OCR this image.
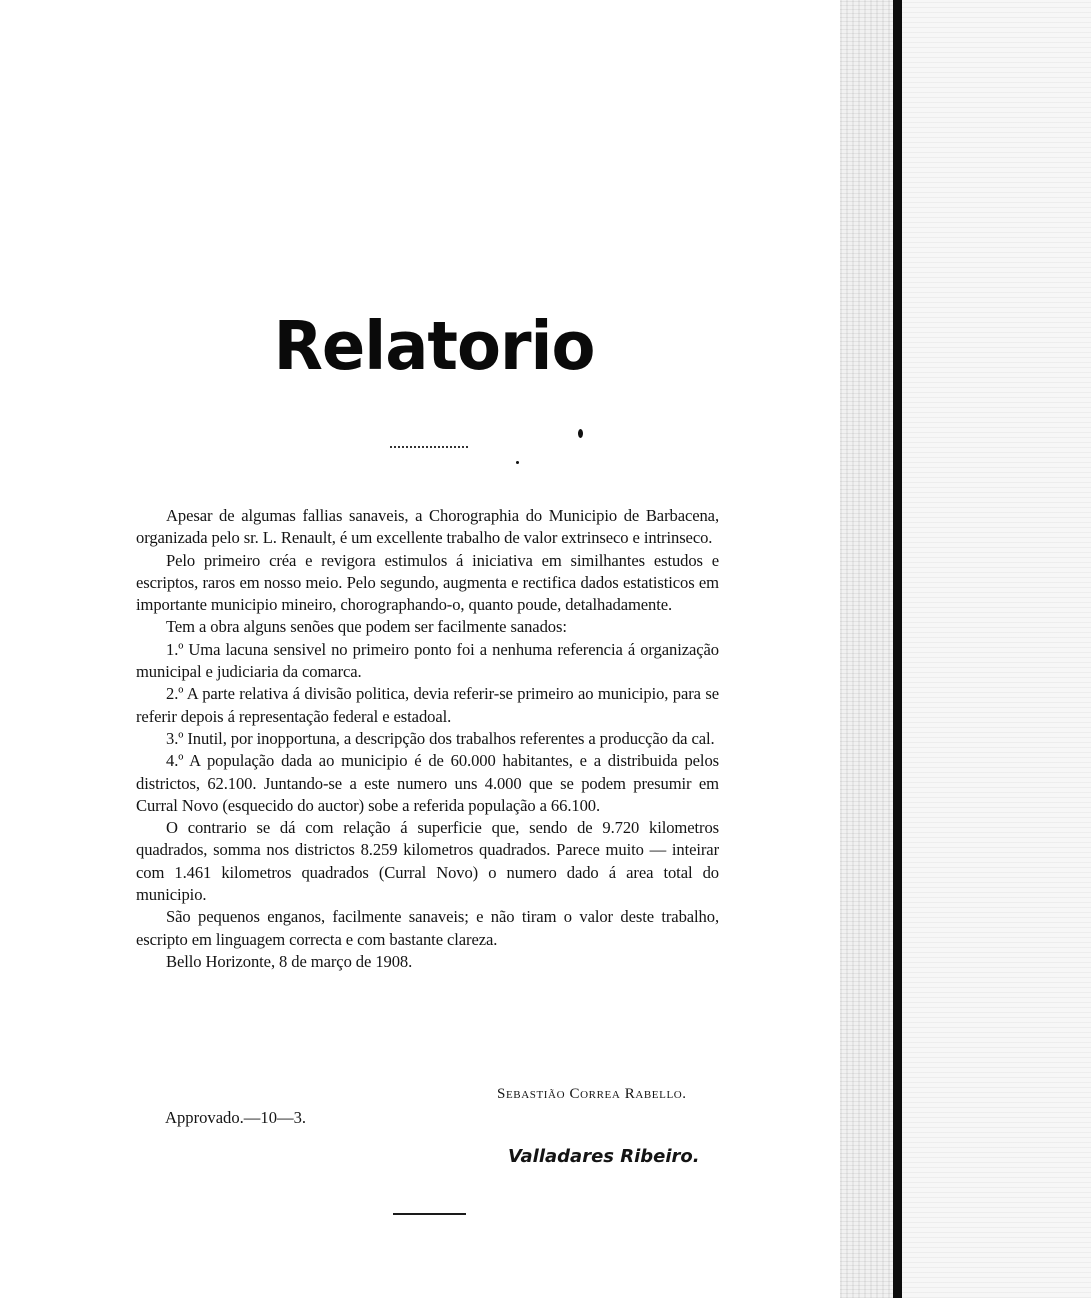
Relatorio

Apesar de algumas fallias sanaveis, a Chorographia do Municipio de Barbacena, organizada pelo sr. L. Renault, é um excellente trabalho de valor extrinseco e intrinseco.

Pelo primeiro créa e revigora estimulos á iniciativa em similhantes estudos e escriptos, raros em nosso meio. Pelo segundo, augmenta e rectifica dados estatisticos em importante municipio mineiro, chorographando-o, quanto poude, detalhadamente.

Tem a obra alguns senões que podem ser facilmente sanados:

1.º Uma lacuna sensivel no primeiro ponto foi a nenhuma referencia á organização municipal e judiciaria da comarca.

2.º A parte relativa á divisão politica, devia referir-se primeiro ao municipio, para se referir depois á representação federal e estadoal.

3.º Inutil, por inopportuna, a descripção dos trabalhos referentes a producção da cal.

4.º A população dada ao municipio é de 60.000 habitantes, e a distribuida pelos districtos, 62.100. Juntando-se a este numero uns 4.000 que se podem presumir em Curral Novo (esquecido do auctor) sobe a referida população a 66.100.

O contrario se dá com relação á superficie que, sendo de 9.720 kilometros quadrados, somma nos districtos 8.259 kilometros quadrados. Parece muito — inteirar com 1.461 kilometros quadrados (Curral Novo) o numero dado á area total do municipio.

São pequenos enganos, facilmente sanaveis; e não tiram o valor deste trabalho, escripto em linguagem correcta e com bastante clareza.

Bello Horizonte, 8 de março de 1908.

Sebastião Correa Rabello.
Approvado.—10—3.
Valladares Ribeiro.
